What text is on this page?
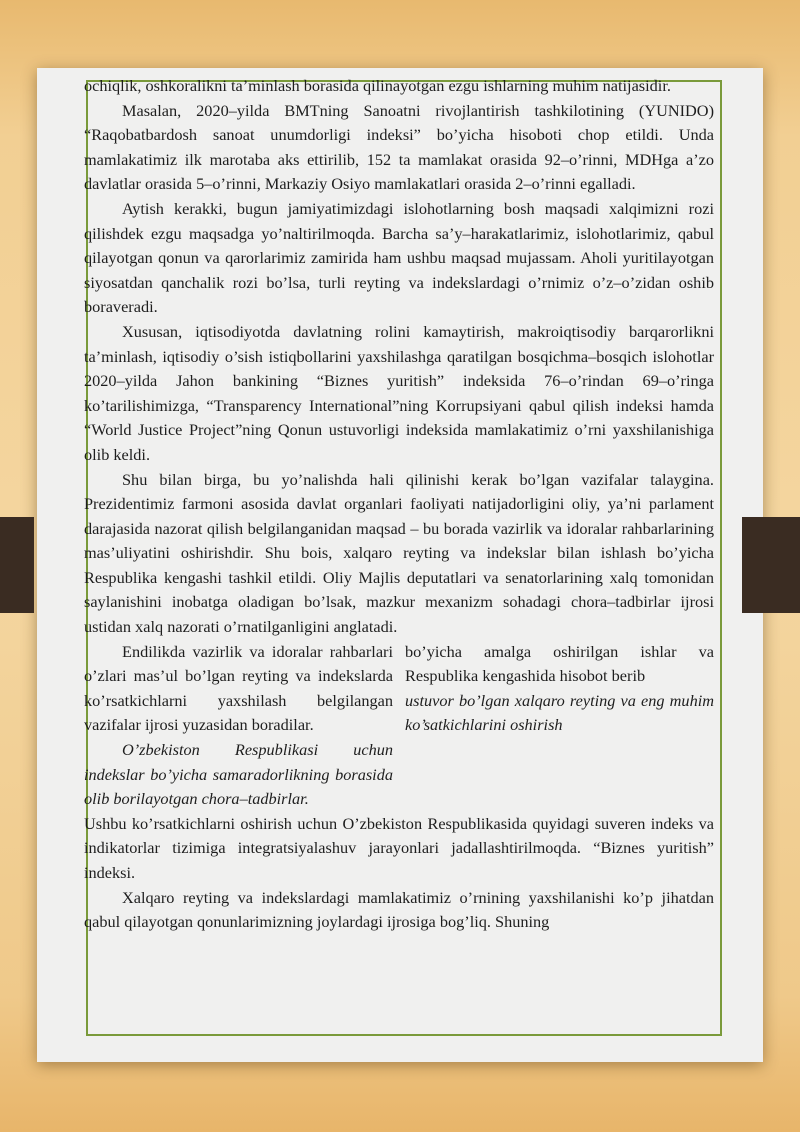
ochiqlik, oshkoralikni ta’minlash borasida qilinayotgan ezgu ishlarning muhim natijasidir.

Masalan, 2020–yilda BMTning Sanoatni rivojlantirish tashkilotining (YUNIDO) “Raqobatbardosh sanoat unumdorligi indeksi” bo’yicha hisoboti chop etildi. Unda mamlakatimiz ilk marotaba aks ettirilib, 152 ta mamlakat orasida 92–o’rinni, MDHga a’zo davlatlar orasida 5–o’rinni, Markaziy Osiyo mamlakatlari orasida 2–o’rinni egalladi.

Aytish kerakki, bugun jamiyatimizdagi islohotlarning bosh maqsadi xalqimizni rozi qilishdek ezgu maqsadga yo’naltirilmoqda. Barcha sa’y–harakatlarimiz, islohotlarimiz, qabul qilayotgan qonun va qarorlarimiz zamirida ham ushbu maqsad mujassam. Aholi yuritilayotgan siyosatdan qanchalik rozi bo’lsa, turli reyting va indekslardagi o’rnimiz o’z–o’zidan oshib boraveradi.

Xususan, iqtisodiyotda davlatning rolini kamaytirish, makroiqtisodiy barqarorlikni ta’minlash, iqtisodiy o’sish istiqbollarini yaxshilashga qaratilgan bosqichma–bosqich islohotlar 2020–yilda Jahon bankining “Biznes yuritish” indeksida 76–o’rindan 69–o’ringa ko’tarilishimizga, “Transparency International”ning Korrupsiyani qabul qilish indeksi hamda “World Justice Project”ning Qonun ustuvorligi indeksida mamlakatimiz o’rni yaxshilanishiga olib keldi.

Shu bilan birga, bu yo’nalishda hali qilinishi kerak bo’lgan vazifalar talaygina. Prezidentimiz farmoni asosida davlat organlari faoliyati natijadorligini oliy, ya’ni parlament darajasida nazorat qilish belgilanganidan maqsad – bu borada vazirlik va idoralar rahbarlarining mas’uliyatini oshirishdir. Shu bois, xalqaro reyting va indekslar bilan ishlash bo’yicha Respublika kengashi tashkil etildi. Oliy Majlis deputatlari va senatorlarining xalq tomonidan saylanishini inobatga oladigan bo’lsak, mazkur mexanizm sohadagi chora–tadbirlar ijrosi ustidan xalq nazorati o’rnatilganligini anglatadi.

Endilikda vazirlik va idoralar rahbarlari o’zlari mas’ul bo’lgan reyting va indekslarda ko’rsatkichlarni yaxshilash belgilangan vazifalar ijrosi yuzasidan boradilar.

O’zbekiston Respublikasi uchun indekslar bo’yicha samaradorlikning borasida olib borilayotgan chora–tadbirlar.

bo’yicha amalga oshirilgan ishlar va Respublika kengashida hisobot berib

ustuvor bo’lgan xalqaro reyting va eng muhim ko’satkichlarini oshirish

Ushbu ko’rsatkichlarni oshirish uchun O’zbekiston Respublikasida quyidagi suveren indeks va indikatorlar tizimiga integratsiyalashuv jarayonlari jadallashtirilmoqda. “Biznes yuritish” indeksi.

Xalqaro reyting va indekslardagi mamlakatimiz o’rnining yaxshilanishi ko’p jihatdan qabul qilayotgan qonunlarimizning joylardagi ijrosiga bog’liq. Shuning
